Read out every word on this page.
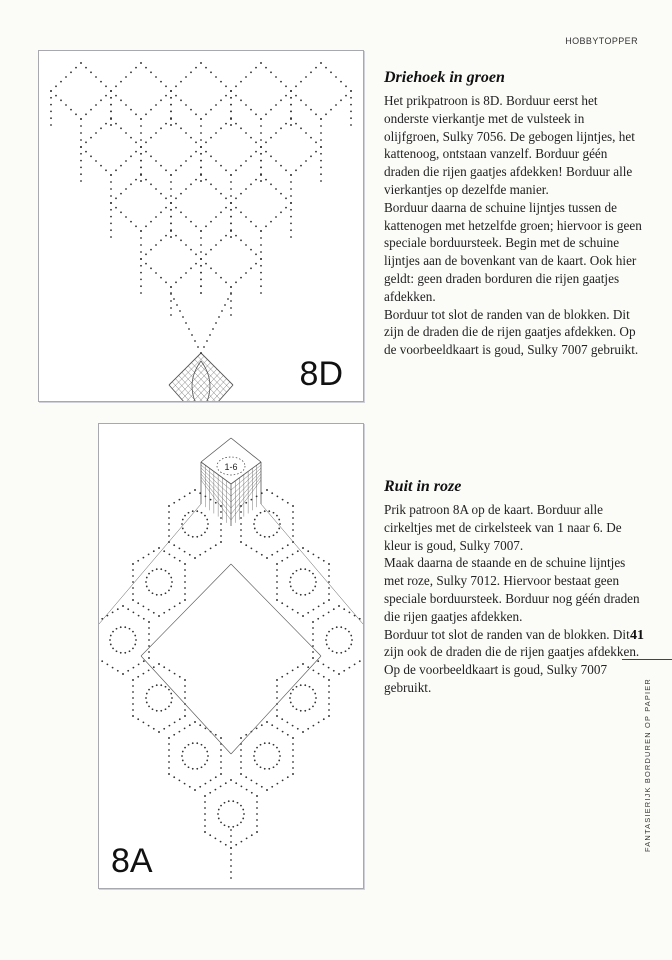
HOBBYTOPPER
8D
1-6
8A
Driehoek in groen

Het prikpatroon is 8D. Borduur eerst het onderste vierkantje met de vulsteek in olijfgroen, Sulky 7056. De gebogen lijntjes, het kattenoog, ontstaan vanzelf. Borduur géén draden die rijen gaatjes afdekken! Borduur alle vierkantjes op dezelfde manier.

Borduur daarna de schuine lijntjes tussen de kattenogen met hetzelfde groen; hiervoor is geen speciale borduursteek. Begin met de schuine lijntjes aan de bovenkant van de kaart. Ook hier geldt: geen draden borduren die rijen gaatjes afdekken.

Borduur tot slot de randen van de blokken. Dit zijn de draden die de rijen gaatjes afdekken. Op de voorbeeldkaart is goud, Sulky 7007 gebruikt.

Ruit in roze

Prik patroon 8A op de kaart. Borduur alle cirkeltjes met de cirkelsteek van 1 naar 6. De kleur is goud, Sulky 7007.

Maak daarna de staande en de schuine lijntjes met roze, Sulky 7012. Hiervoor bestaat geen speciale borduursteek. Borduur nog géén draden die rijen gaatjes afdekken.

Borduur tot slot de randen van de blokken. Dit zijn ook de draden die de rijen gaatjes afdekken. Op de voorbeeldkaart is goud, Sulky 7007 gebruikt.

41
FANTASIERIJK BORDUREN OP PAPIER
